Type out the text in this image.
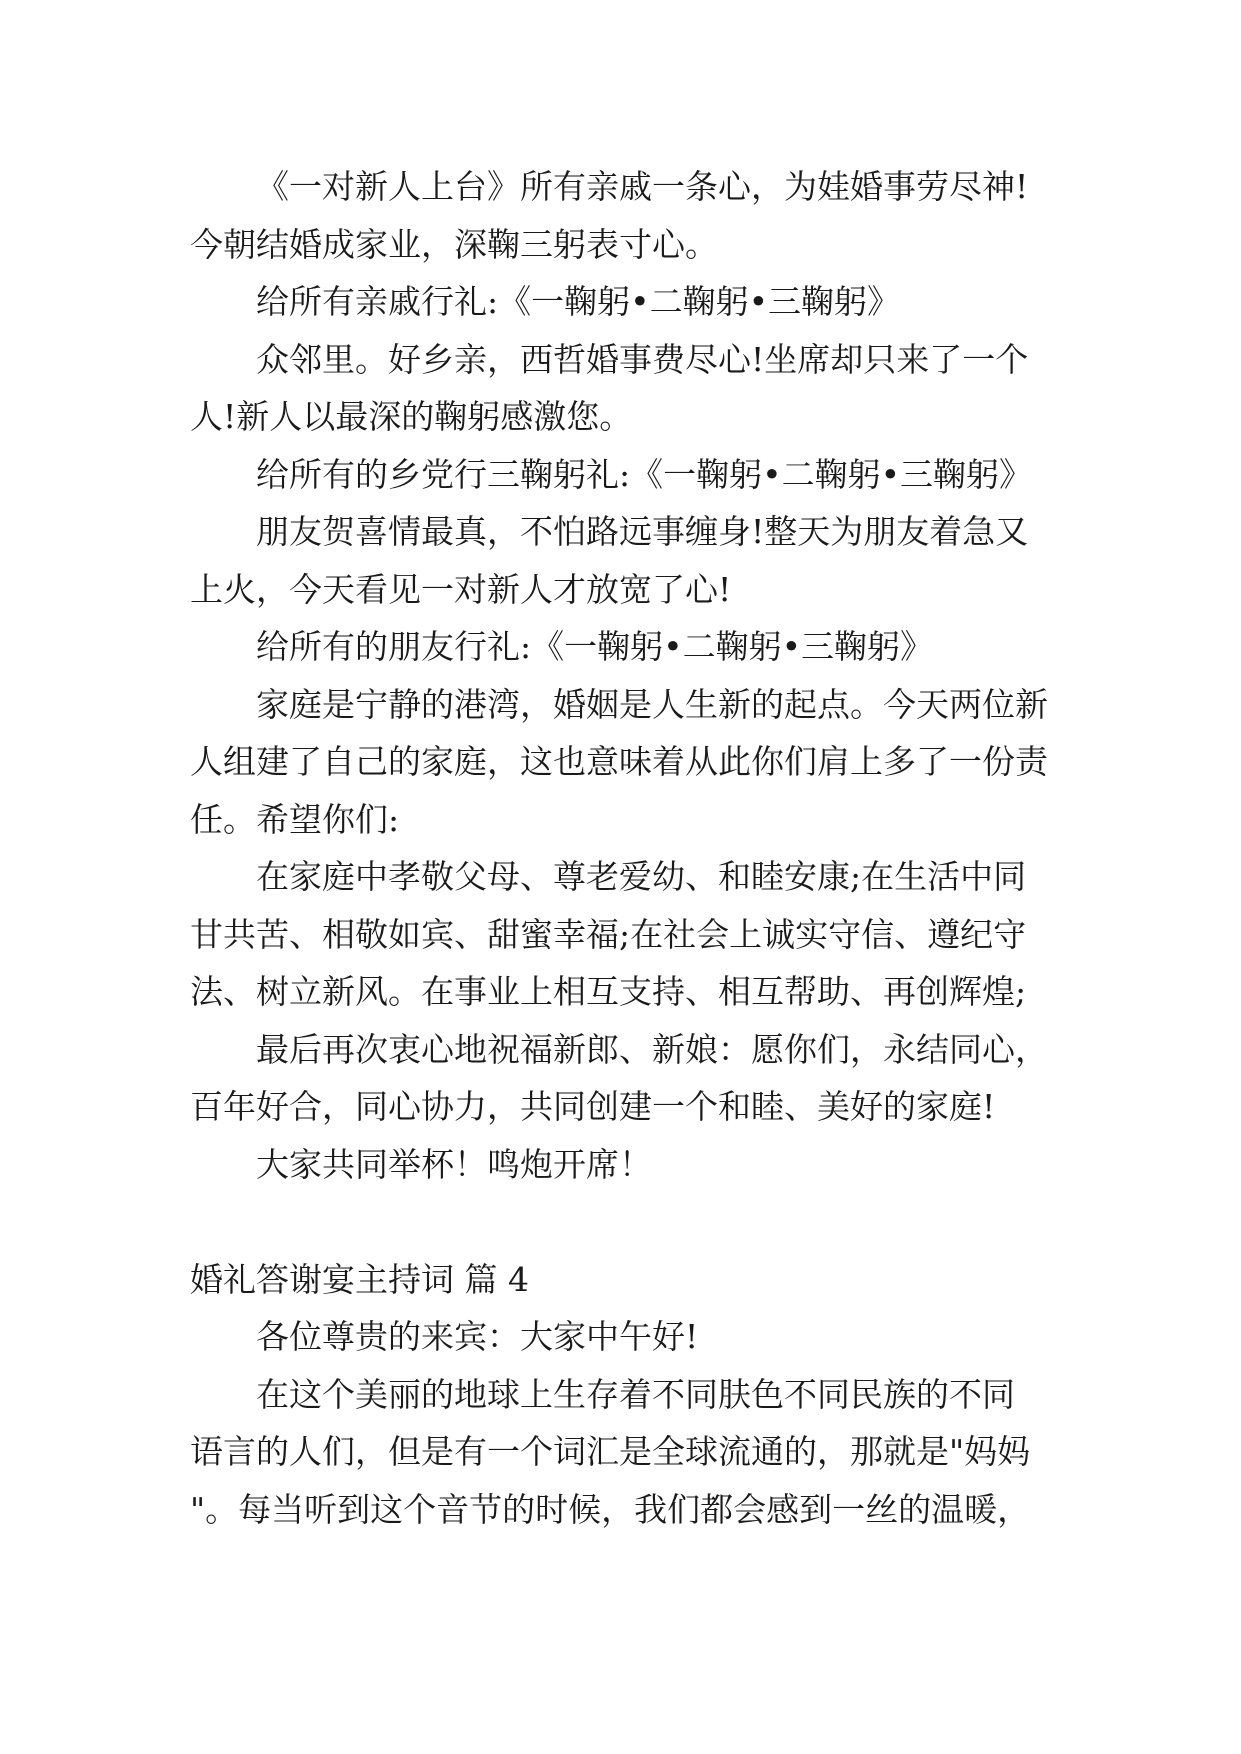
《一对新人上台》所有亲戚一条心，为娃婚事劳尽神!
今朝结婚成家业，深鞠三躬表寸心。
给所有亲戚行礼:《一鞠躬•二鞠躬•三鞠躬》
众邻里。好乡亲，西哲婚事费尽心!坐席却只来了一个
人!新人以最深的鞠躬感激您。
给所有的乡党行三鞠躬礼:《一鞠躬•二鞠躬•三鞠躬》
朋友贺喜情最真，不怕路远事缠身!整天为朋友着急又
上火，今天看见一对新人才放宽了心!
给所有的朋友行礼:《一鞠躬•二鞠躬•三鞠躬》
家庭是宁静的港湾，婚姻是人生新的起点。今天两位新
人组建了自己的家庭，这也意味着从此你们肩上多了一份责
任。希望你们:
在家庭中孝敬父母、尊老爱幼、和睦安康;在生活中同
甘共苦、相敬如宾、甜蜜幸福;在社会上诚实守信、遵纪守
法、树立新风。在事业上相互支持、相互帮助、再创辉煌;
最后再次衷心地祝福新郎、新娘：愿你们，永结同心，
百年好合，同心协力，共同创建一个和睦、美好的家庭!
大家共同举杯！鸣炮开席！
婚礼答谢宴主持词 篇 4
各位尊贵的来宾：大家中午好!
在这个美丽的地球上生存着不同肤色不同民族的不同
语言的人们，但是有一个词汇是全球流通的，那就是"妈妈
"。每当听到这个音节的时候，我们都会感到一丝的温暖，
